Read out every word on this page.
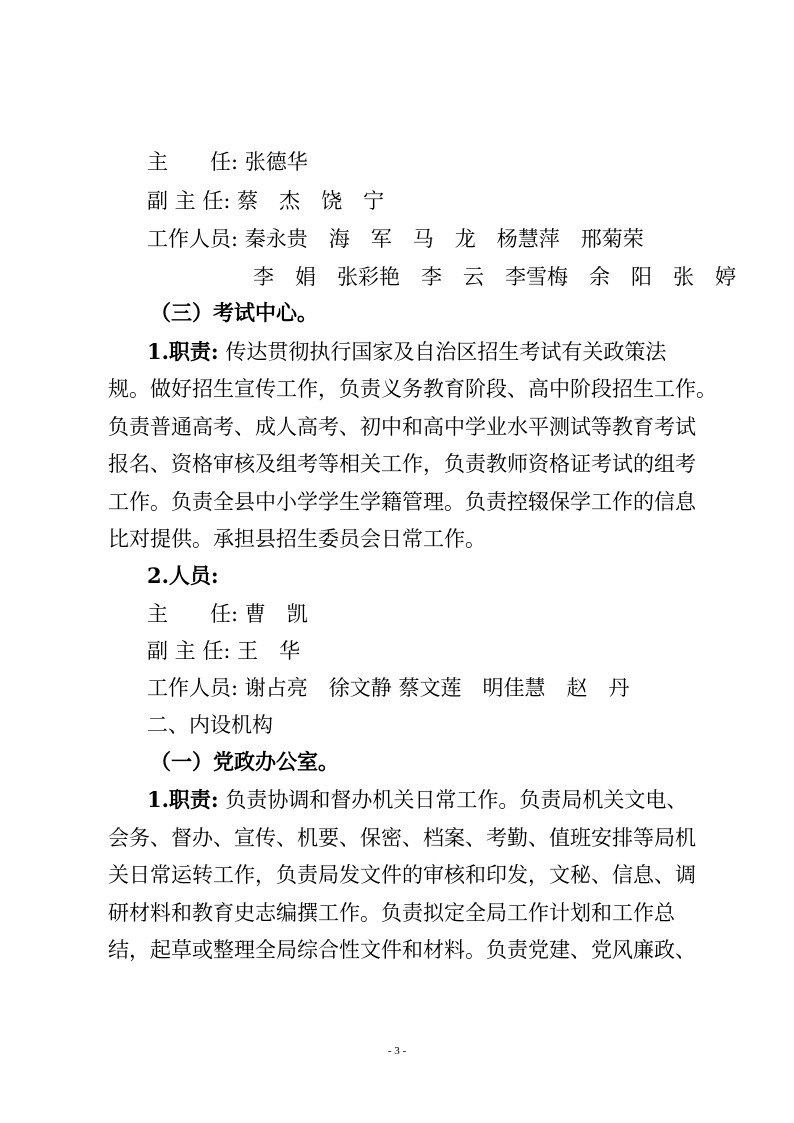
主　　任: 张德华
副 主 任: 蔡　杰　饶　宁
工作人员: 秦永贵　海　军　马　龙　杨慧萍　邢菊荣
李　娟　张彩艳　李　云　李雪梅　余　阳　张　婷
（三）考试中心。
1.职责: 传达贯彻执行国家及自治区招生考试有关政策法
规。做好招生宣传工作，负责义务教育阶段、高中阶段招生工作。
负责普通高考、成人高考、初中和高中学业水平测试等教育考试
报名、资格审核及组考等相关工作，负责教师资格证考试的组考
工作。负责全县中小学学生学籍管理。负责控辍保学工作的信息
比对提供。承担县招生委员会日常工作。
2.人员:
主　　任: 曹　凯
副 主 任: 王　华
工作人员: 谢占亮　徐文静 蔡文莲　明佳慧　赵　丹
二、内设机构
（一）党政办公室。
1.职责: 负责协调和督办机关日常工作。负责局机关文电、
会务、督办、宣传、机要、保密、档案、考勤、值班安排等局机
关日常运转工作，负责局发文件的审核和印发，文秘、信息、调
研材料和教育史志编撰工作。负责拟定全局工作计划和工作总
结，起草或整理全局综合性文件和材料。负责党建、党风廉政、
- 3 -
